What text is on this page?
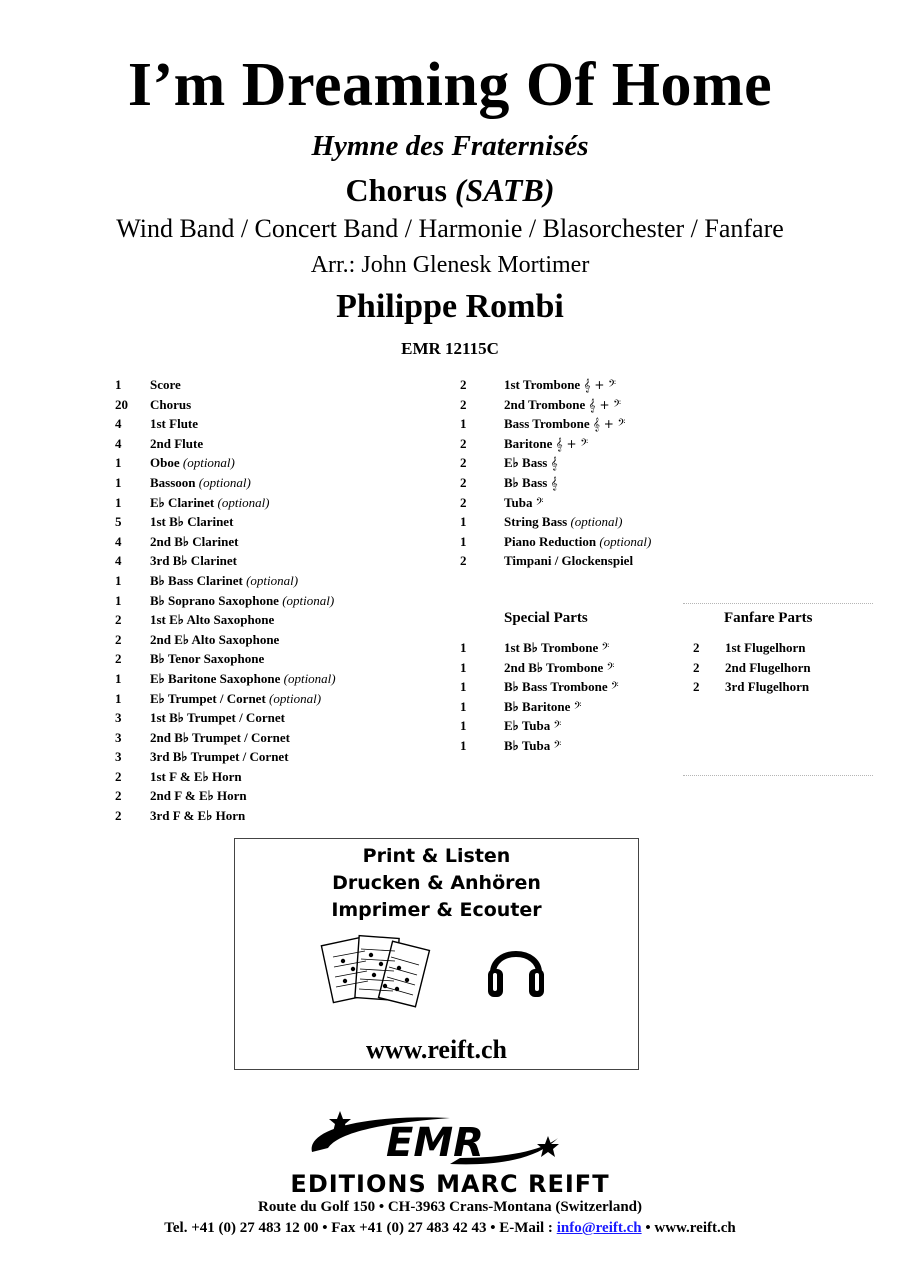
I’m Dreaming Of Home
Hymne des Fraternisés
Chorus (SATB)
Wind Band / Concert Band / Harmonie / Blasorchester / Fanfare
Arr.: John Glenesk Mortimer
Philippe Rombi
EMR 12115C
1 Score
20 Chorus
4 1st Flute
4 2nd Flute
1 Oboe (optional)
1 Bassoon (optional)
1 E♭ Clarinet (optional)
5 1st B♭ Clarinet
4 2nd B♭ Clarinet
4 3rd B♭ Clarinet
1 B♭ Bass Clarinet (optional)
1 B♭ Soprano Saxophone (optional)
2 1st E♭ Alto Saxophone
2 2nd E♭ Alto Saxophone
2 B♭ Tenor Saxophone
1 E♭ Baritone Saxophone (optional)
1 E♭ Trumpet / Cornet (optional)
3 1st B♭ Trumpet / Cornet
3 2nd B♭ Trumpet / Cornet
3 3rd B♭ Trumpet / Cornet
2 1st F & E♭ Horn
2 2nd F & E♭ Horn
2 3rd F & E♭ Horn
2	1st Trombone 𝄞 + 𝄢
2	2nd Trombone 𝄞 + 𝄢
1	Bass Trombone 𝄞 + 𝄢
2	Baritone 𝄞 + 𝄢
2	E♭ Bass 𝄞
2	B♭ Bass 𝄞
2	Tuba 𝄢
1	String Bass (optional)
1	Piano Reduction (optional)
2	Timpani / Glockenspiel
Special Parts	Fanfare Parts
1	1st B♭ Trombone 𝄢
1	2nd B♭ Trombone 𝄢
1	B♭ Bass Trombone 𝄢
1	B♭ Baritone 𝄢
1	E♭ Tuba 𝄢
1	B♭ Tuba 𝄢
2 1st Flugelhorn
2 2nd Flugelhorn
2 3rd Flugelhorn
Print & Listen
Drucken & Anhören
Imprimer & Ecouter
www.reift.ch
EMR
EDITIONS MARC REIFT
Route du Golf 150 • CH-3963 Crans-Montana (Switzerland)
Tel. +41 (0) 27 483 12 00 • Fax +41 (0) 27 483 42 43 • E-Mail : info@reift.ch • www.reift.ch
